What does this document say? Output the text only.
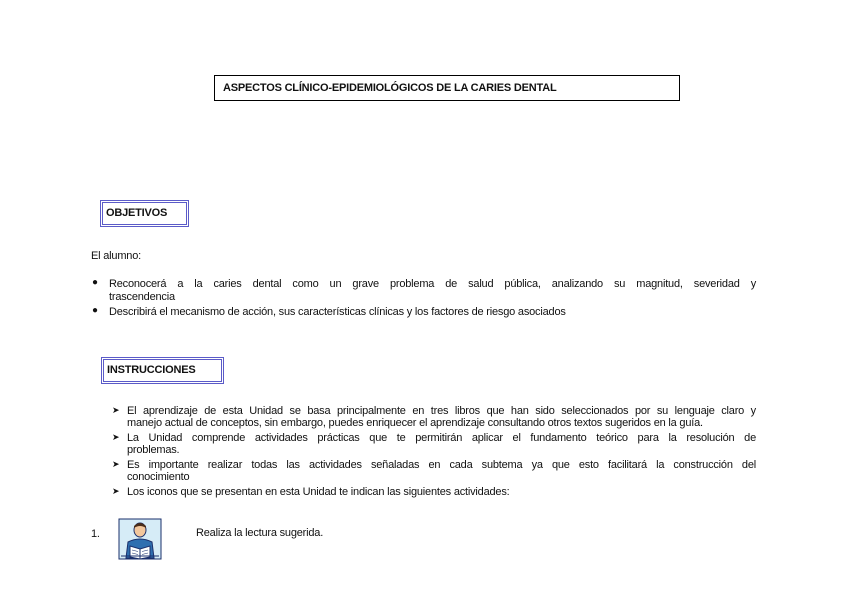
ASPECTOS CLÍNICO-EPIDEMIOLÓGICOS DE LA CARIES DENTAL
OBJETIVOS
El alumno:
● Reconocerá a la caries dental como un grave problema de salud pública, analizando su magnitud, severidad y
trascendencia
● Describirá el mecanismo de acción, sus características clínicas y los factores de riesgo asociados
INSTRUCCIONES
➤ El aprendizaje de esta Unidad se basa principalmente en tres libros que han sido seleccionados por su lenguaje claro y
manejo actual de conceptos, sin embargo, puedes enriquecer el aprendizaje consultando otros textos sugeridos en la guía.
➤ La Unidad comprende actividades prácticas que te permitirán aplicar el fundamento teórico para la resolución de
problemas.
➤ Es importante realizar todas las actividades señaladas en cada subtema ya que esto facilitará la construcción del
conocimiento
➤ Los iconos que se presentan en esta Unidad te indican las siguientes actividades:
1.	Realiza la lectura sugerida.
